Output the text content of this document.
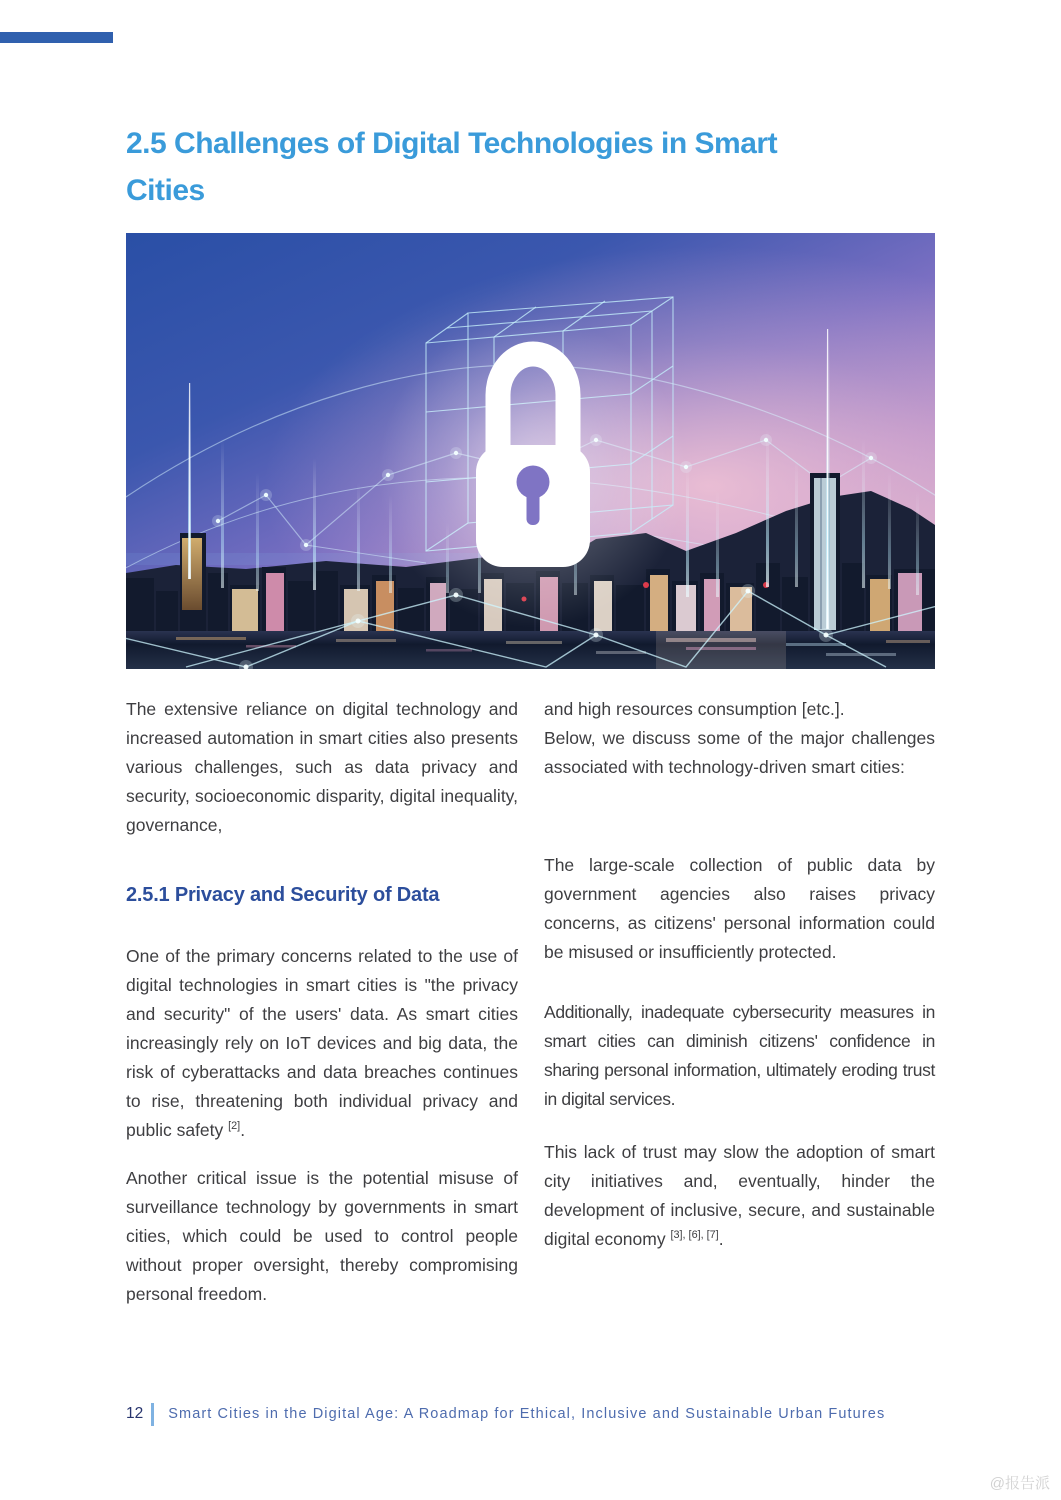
2.5 Challenges of Digital Technologies in Smart
Cities

The extensive reliance on digital technology and increased automation in smart cities also presents various challenges, such as data privacy and security, socioeconomic disparity, digital inequality, governance,

2.5.1 Privacy and Security of Data

One of the primary concerns related to the use of digital technologies in smart cities is "the privacy and security" of the users' data. As smart cities increasingly rely on IoT devices and big data, the risk of cyberattacks and data breaches continues to rise, threatening both individual privacy and public safety [2].

Another critical issue is the potential misuse of surveillance technology by governments in smart cities, which could be used to control people without proper oversight, thereby compromising personal freedom.

and high resources consumption [etc.].

Below, we discuss some of the major challenges associated with technology-driven smart cities:

The large-scale collection of public data by government agencies also raises privacy concerns, as citizens' personal information could be misused or insufficiently protected.

Additionally, inadequate cybersecurity measures in smart cities can diminish citizens' confidence in sharing personal information, ultimately eroding trust in digital services.

This lack of trust may slow the adoption of smart city initiatives and, eventually, hinder the development of inclusive, secure, and sustainable digital economy [3], [6], [7].

12 Smart Cities in the Digital Age: A Roadmap for Ethical, Inclusive and Sustainable Urban Futures
@报告派
